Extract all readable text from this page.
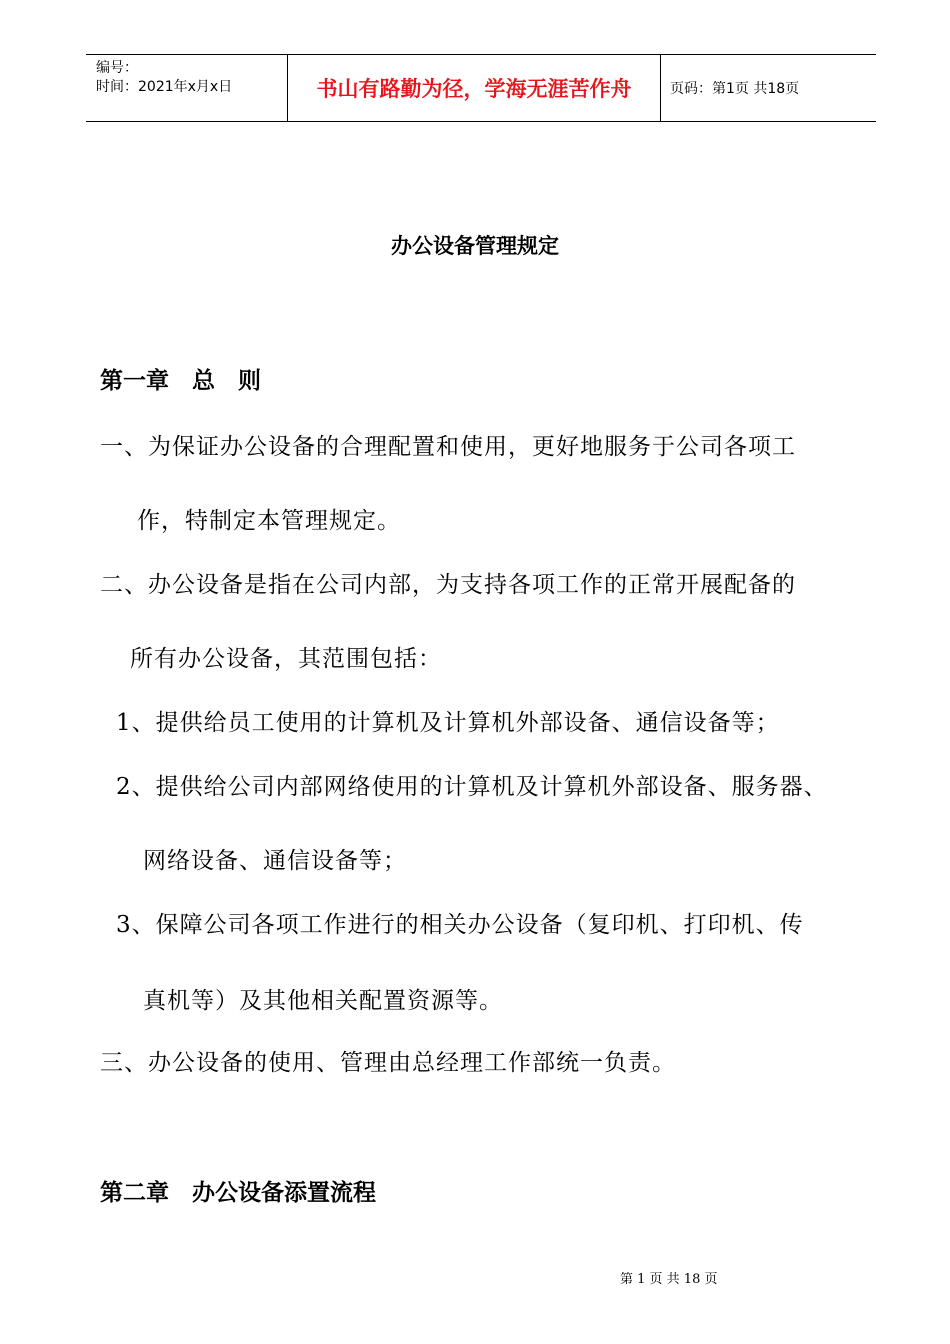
编号：
时间：2021年x月x日	书山有路勤为径，学海无涯苦作舟	页码：第1页 共18页
办公设备管理规定
第一章　总　则
一、为保证办公设备的合理配置和使用，更好地服务于公司各项工
作，特制定本管理规定。
二、办公设备是指在公司内部，为支持各项工作的正常开展配备的
所有办公设备，其范围包括：
1、提供给员工使用的计算机及计算机外部设备、通信设备等；
2、提供给公司内部网络使用的计算机及计算机外部设备、服务器、
网络设备、通信设备等；
3、保障公司各项工作进行的相关办公设备（复印机、打印机、传
真机等）及其他相关配置资源等。
三、办公设备的使用、管理由总经理工作部统一负责。
第二章　办公设备添置流程
第 1 页 共 18 页
